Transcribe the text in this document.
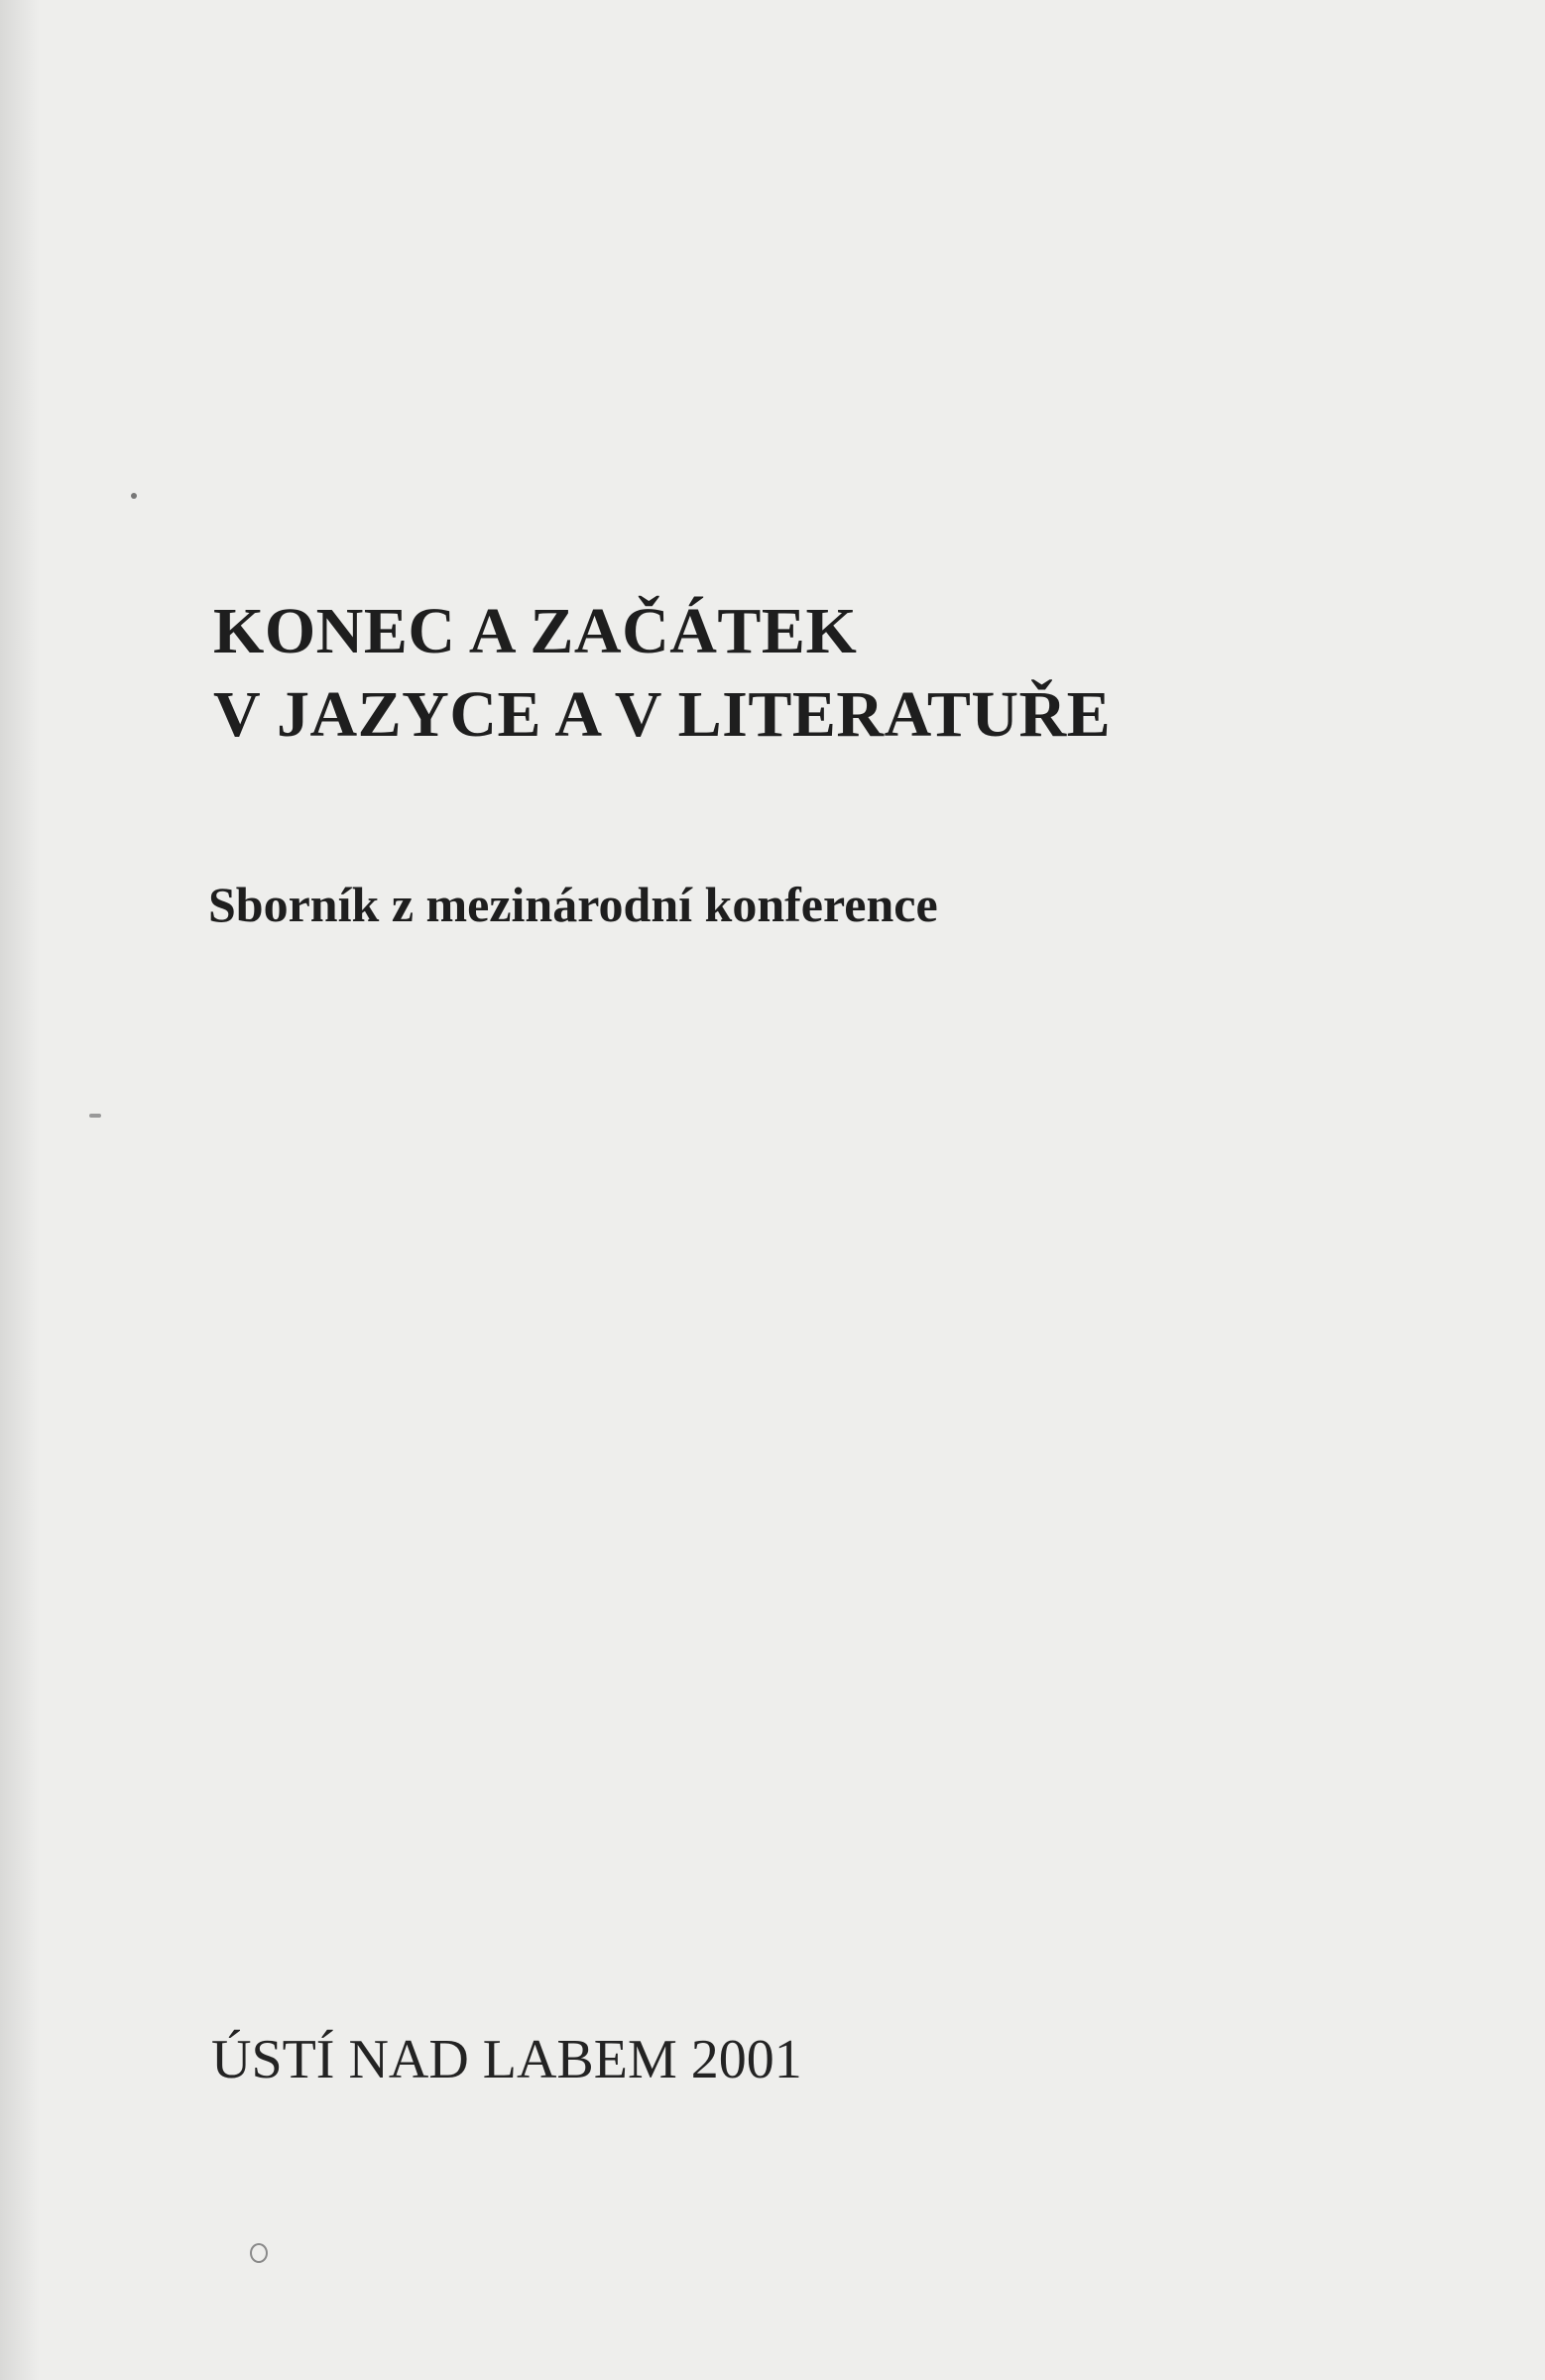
KONEC A ZAČÁTEK
V JAZYCE A V LITERATUŘE
Sborník z mezinárodní konference

ÚSTÍ NAD LABEM 2001
